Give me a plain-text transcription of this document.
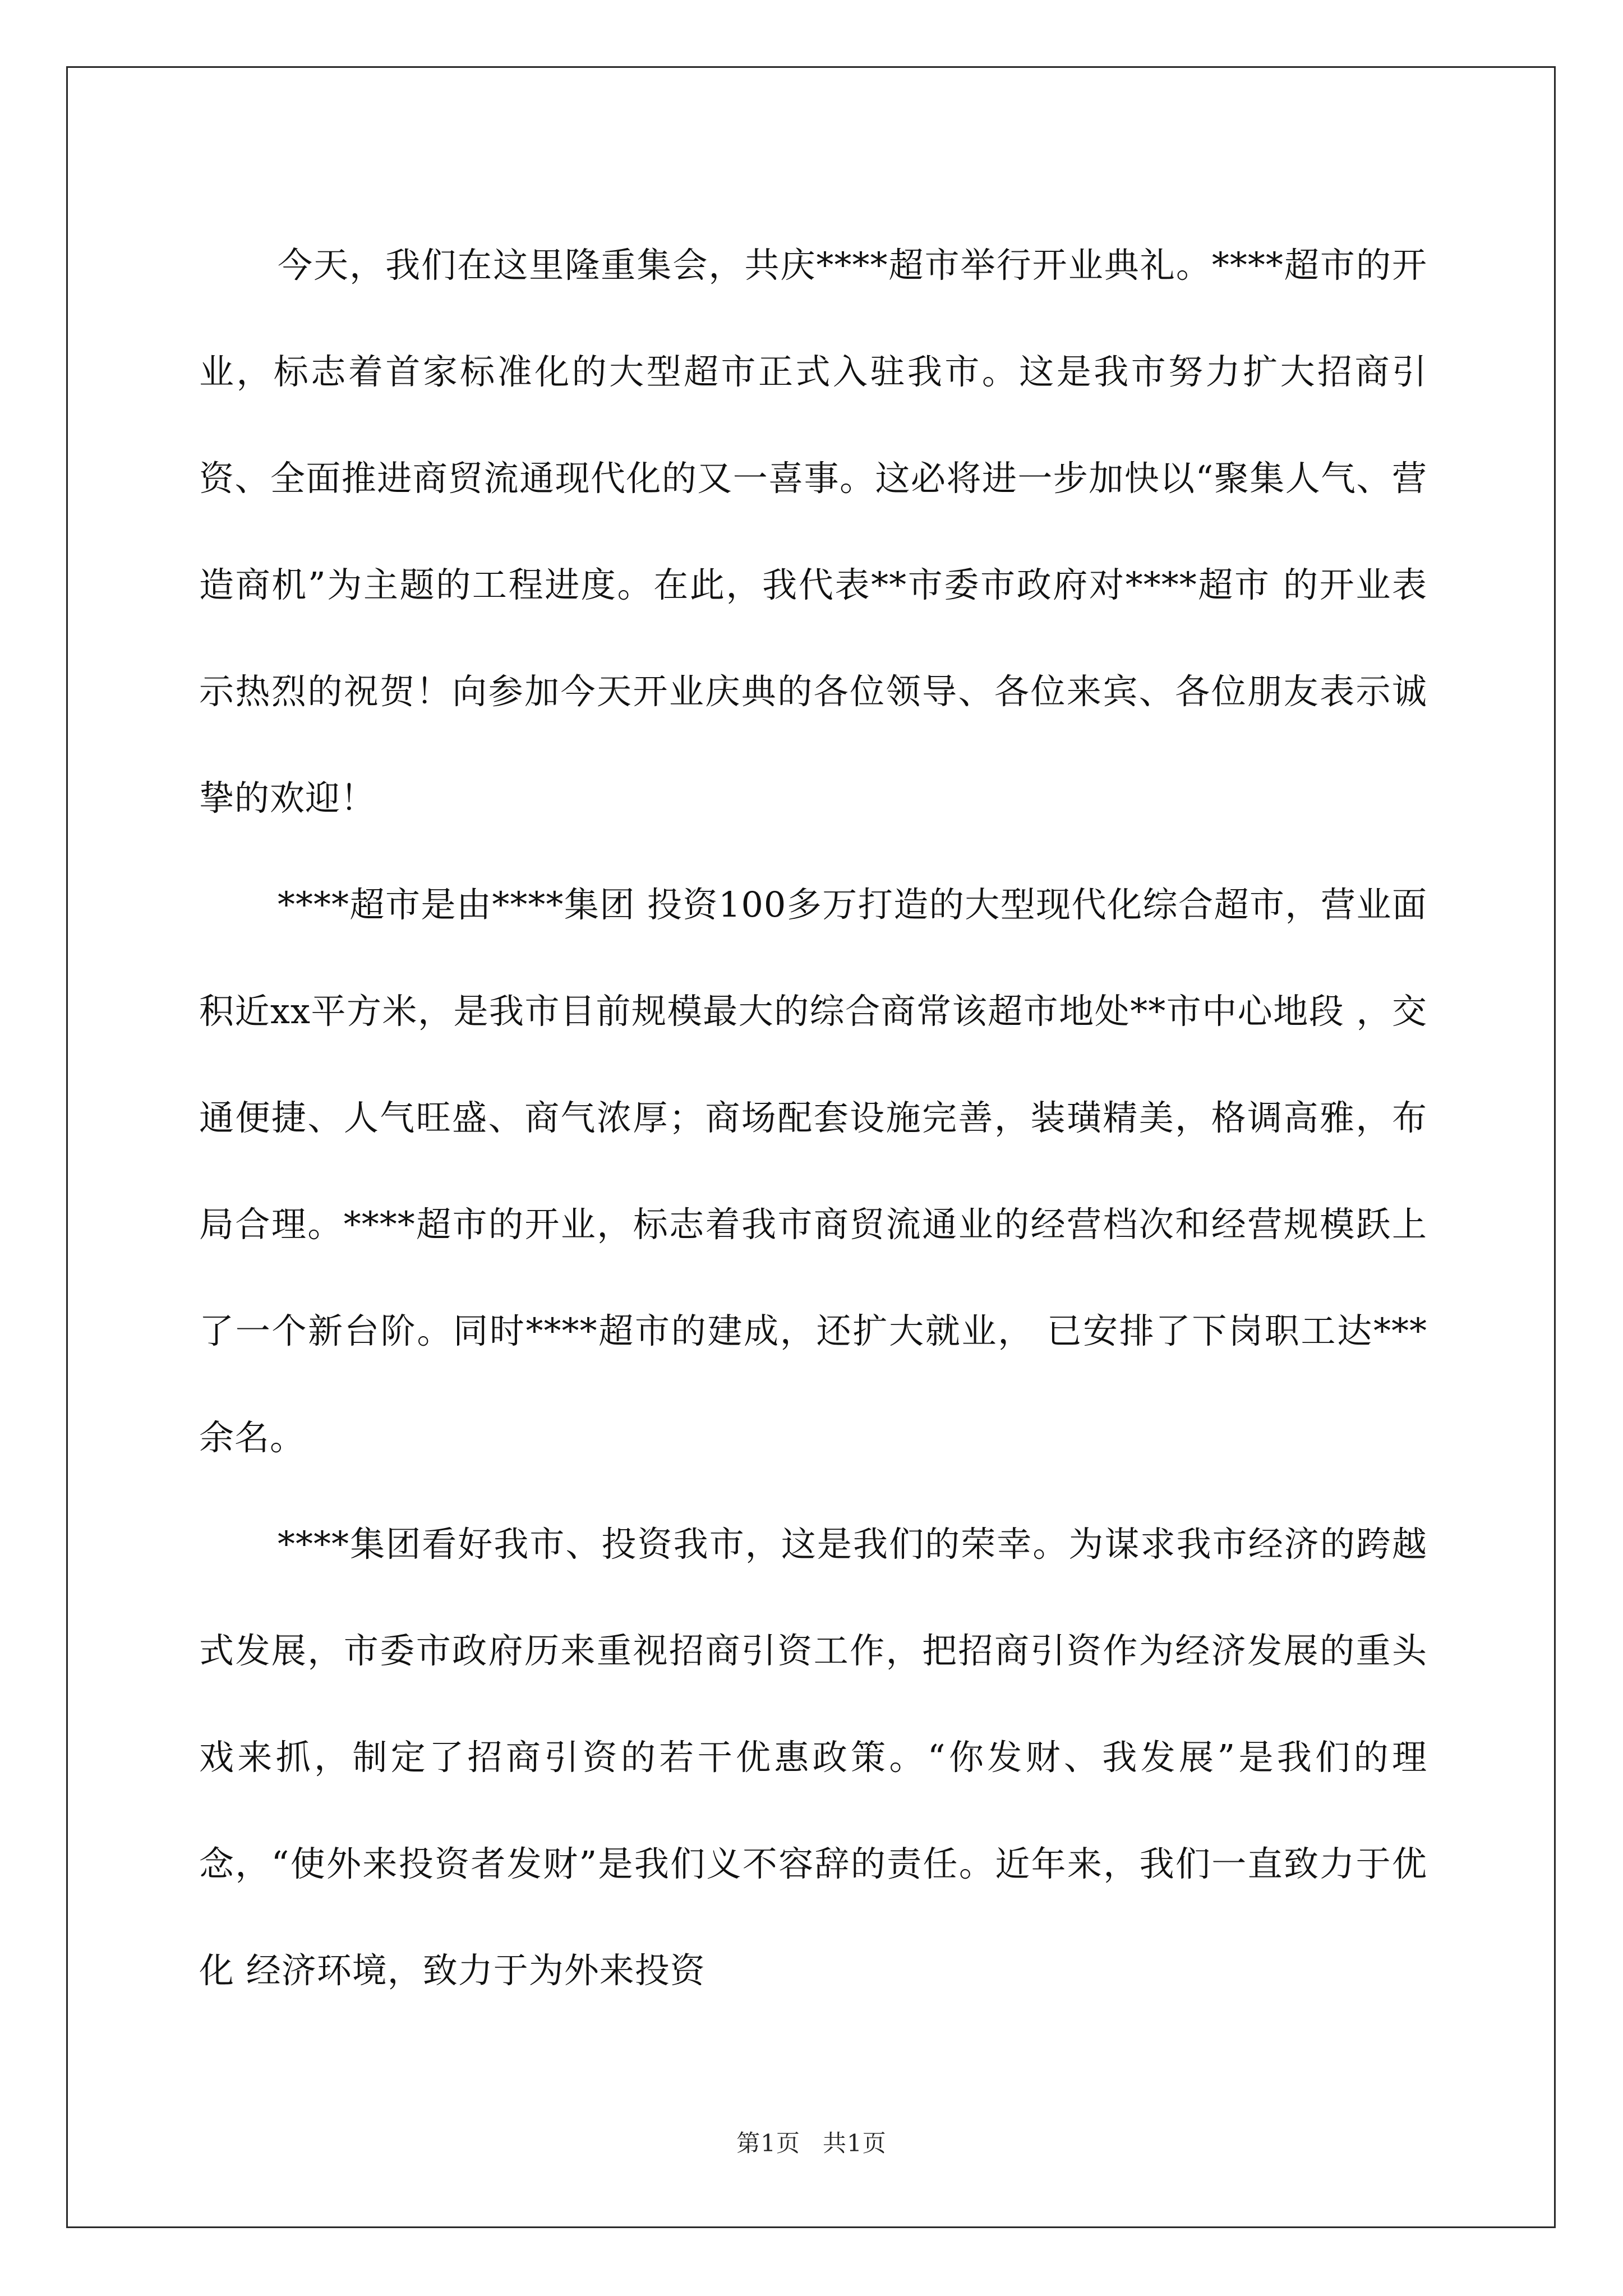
今天，我们在这里隆重集会，共庆****超市举行开业典礼。****超市的开业，标志着首家标准化的大型超市正式入驻我市。这是我市努力扩大招商引资、全面推进商贸流通现代化的又一喜事。这必将进一步加快以“聚集人气、营造商机”为主题的工程进度。在此，我代表**市委市政府对****超市 的开业表示热烈的祝贺！向参加今天开业庆典的各位领导、各位来宾、各位朋友表示诚挚的欢迎！

****超市是由****集团 投资100多万打造的大型现代化综合超市，营业面积近xx平方米，是我市目前规模最大的综合商常该超市地处**市中心地段 ，交通便捷、人气旺盛、商气浓厚；商场配套设施完善，装璜精美，格调高雅，布局合理。****超市的开业，标志着我市商贸流通业的经营档次和经营规模跃上了一个新台阶。同时****超市的建成，还扩大就业， 已安排了下岗职工达***余名。

****集团看好我市、投资我市，这是我们的荣幸。为谋求我市经济的跨越式发展，市委市政府历来重视招商引资工作，把招商引资作为经济发展的重头戏来抓，制定了招商引资的若干优惠政策。“你发财、我发展”是我们的理念，“使外来投资者发财”是我们义不容辞的责任。近年来，我们一直致力于优化 经济环境，致力于为外来投资

第1页 共1页
